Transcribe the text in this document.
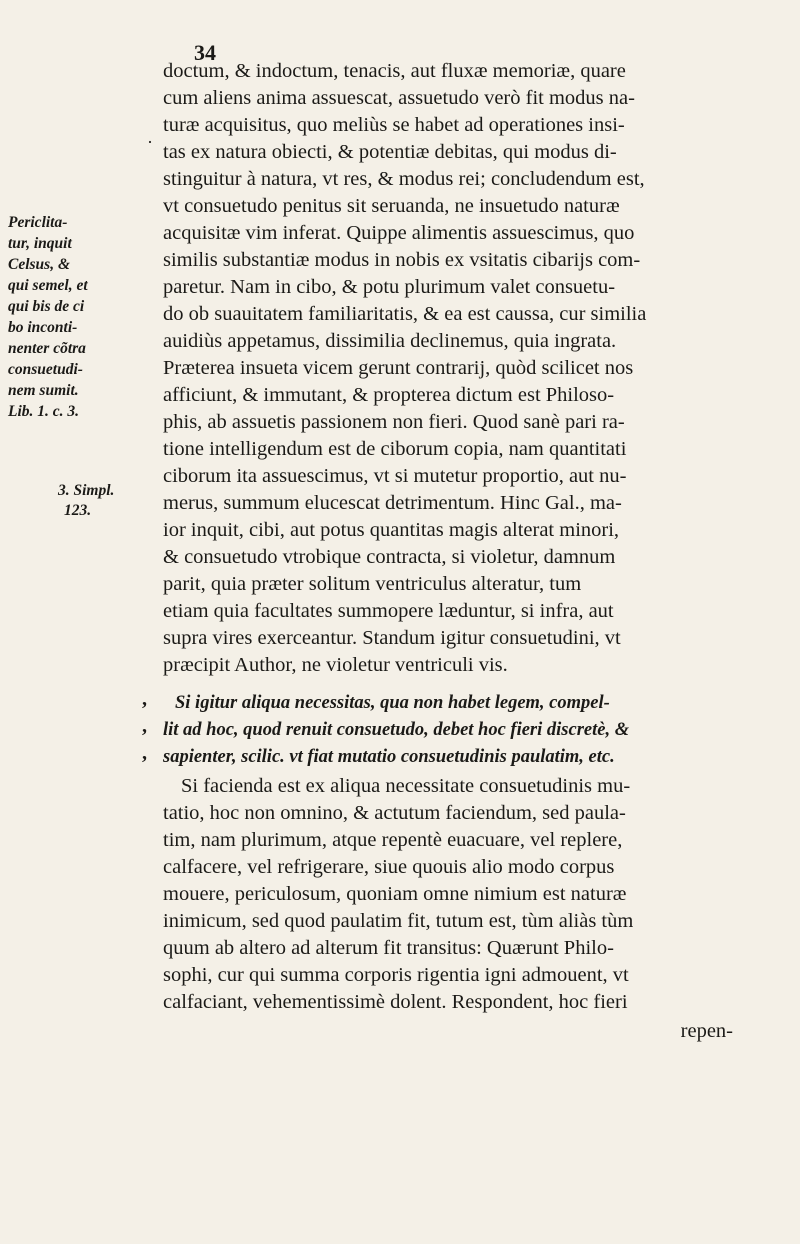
34
doctum, & indoctum, tenacis, aut fluxæ memoriæ, quare
cum aliens anima assuescat, assuetudo verò fit modus na-
turæ acquisitus, quo meliùs se habet ad operationes insi-
tas ex natura obiecti, & potentiæ debitas, qui modus di-
stinguitur à natura, vt res, & modus rei; concludendum est,
vt consuetudo penitus sit seruanda, ne insuetudo naturæ
acquisitæ vim inferat. Quippe alimentis assuescimus, quo
similis substantiæ modus in nobis ex vsitatis cibarijs com-
paretur. Nam in cibo, & potu plurimum valet consuetu-
do ob suauitatem familiaritatis, & ea est caussa, cur similia
auidiùs appetamus, dissimilia declinemus, quia ingrata.
Præterea insueta vicem gerunt contrarij, quòd scilicet nos
afficiunt, & immutant, & propterea dictum est Philoso-
phis, ab assuetis passionem non fieri. Quod sanè pari ra-
tione intelligendum est de ciborum copia, nam quantitati
ciborum ita assuescimus, vt si mutetur proportio, aut nu-
merus, summum elucescat detrimentum. Hinc Gal., ma-
ior inquit, cibi, aut potus quantitas magis alterat minori,
& consuetudo vtrobique contracta, si violetur, damnum
parit, quia præter solitum ventriculus alteratur, tum
etiam quia facultates summopere læduntur, si infra, aut
supra vires exerceantur. Standum igitur consuetudini, vt
præcipit Author, ne violetur ventriculi vis.
Si igitur aliqua necessitas, qua non habet legem, compel-
lit ad hoc, quod renuit consuetudo, debet hoc fieri discretè, &
sapienter, scilic. vt fiat mutatio consuetudinis paulatim, etc.
Si facienda est ex aliqua necessitate consuetudinis mu-
tatio, hoc non omnino, & actutum faciendum, sed paula-
tim, nam plurimum, atque repentè euacuare, vel replere,
calfacere, vel refrigerare, siue quouis alio modo corpus
mouere, periculosum, quoniam omne nimium est naturæ
inimicum, sed quod paulatim fit, tutum est, tùm aliàs tùm
quum ab altero ad alterum fit transitus: Quærunt Philo-
sophi, cur qui summa corporis rigentia igni admouent, vt
calfaciant, vehementissimè dolent. Respondent, hoc fieri
repen-
Periclita-
tur, inquit
Celsus, &
qui semel, et
qui bis de ci
bo inconti-
nenter cõtra
consuetudi-
nem sumit.
Lib. 1. c. 3.
3. Simpl.
123.
·
,
,
,
